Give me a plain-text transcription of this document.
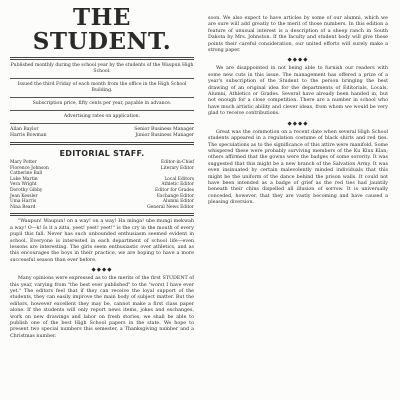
THE STUDENT.

Published monthly during the school year by the students of the Waupun High School.

Issued the third Friday of each month from the office in the High School Building.

Subscription price, fifty cents per year, payable in advance.

Advertising rates on application.

Allan Baylor	Senior Business Manager
Harris Bowman	Junior Business Manager
EDITORIAL STAFF.
Mary Potter	Editor-in-Chief
Florence Johnson	Literary Editor
Catherine Ball
Luke Martin	Local Editors
Vera Wright	Athletic Editor
Dorothy Gibby	Editor for Grades
Jean Kessler	Exchange Editor
Uma Harris	Alumni Editor
Nina Beard	General News Editor

"Waupun! Waupun! on a way! on a way! Ha minga! ube mungi mekwah a way! O—k! Is it a zitta, yeet! yeet! yeet!" is the cry in the mouth of every pupil this fall. Never has such unbounded enthusiasm seemed evident in school. Everyone is interested in each department of school life—even lessons are interesting. The girls seem enthusiastic over athletics, and as this encourages the boys in their practice, we are hoping to have a more successful season than ever before.

◆◆◆◆

Many opinions were expressed as to the merits of the first STUDENT of this year, varying from "the best ever published" to the "worst I have ever yet." The editors feel that if they can receive the loyal support of the students, they can easily improve the main body of subject matter. But the editors, however excellent they may be, cannot make a first class paper alone. If the students will only report news items, jokes and exchanges, work on new drawings and labor on fresh stories, we shall be able to publish one of the best High School papers in the state. We hope to present two special numbers this semester, a Thanksgiving number and a Christmas number.

soon. We also expect to have articles by some of our alumni, which we are sure will add greatly to the merit of those numbers. In this edition a feature of unusual interest is a description of a sheep ranch in South Dakota by Mrs. Johnston. If the faculty and student body will give these points their careful consideration, our united efforts will surely make a strong paper.

◆◆◆◆

We are disappointed in not being able to furnish our readers with some new cuts in this issue. The management has offered a prize of a year's subscription of the Student to the person bringing the best drawing of an original idea for the departments of Editorials, Locals, Alumni, Athletics or Grades. Several have already been handed in, but not enough for a close competition. There are a number in school who have much artistic ability and clever ideas, from whom we would be very glad to receive contributions.

◆◆◆◆

Great was the commotion on a recent date when several High School students appeared in a regulation costume of black shirts and red ties. The speculations as to the significance of this attire were manifold. Some whispered these were probably surviving members of the Ku Klux Klan; others affirmed that the gowns were the badges of some sorority. It was suggested that this might be a new branch of the Salvation Army. It was even insinuated by certain malevolently minded individuals that this might be the uniform of the dance behind the prison walls. It could not have been intended as a badge of grief as the red ties had jauntily beneath their chins dispelled all illusion of sorrow. It is universally conceded, however, that they are vastly becoming and have caused a pleasing diversion.
